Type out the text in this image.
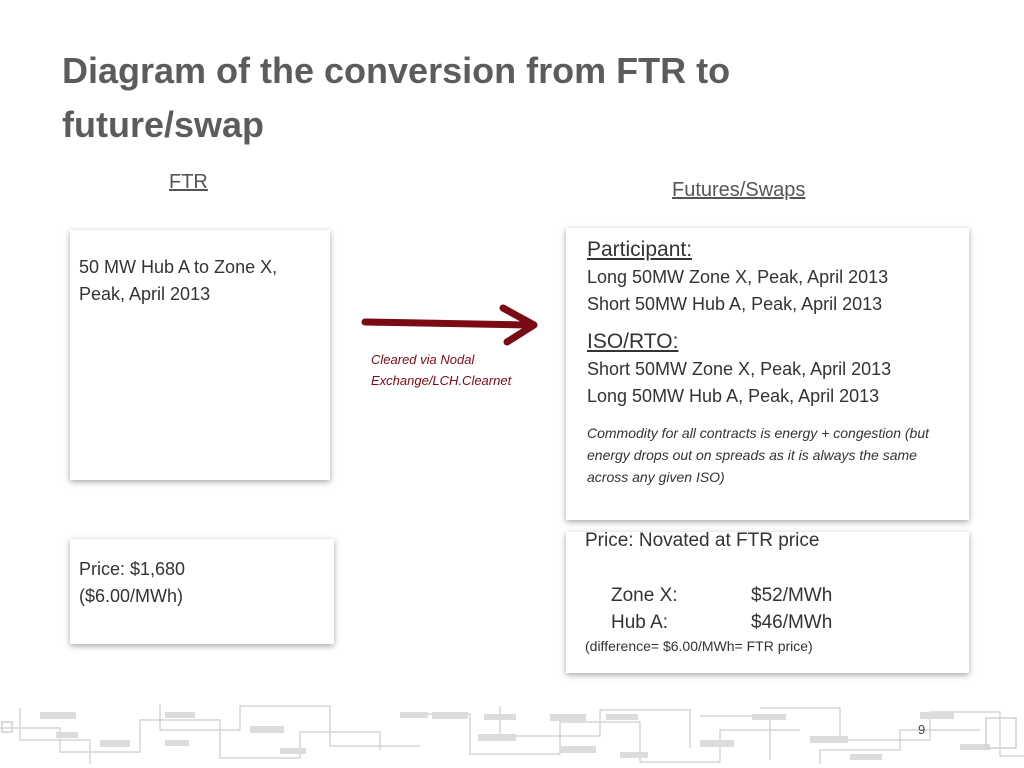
Diagram of the conversion from FTR to
future/swap
FTR	Futures/Swaps
50 MW Hub A to Zone X,
Peak, April 2013
Price: $1,680
($6.00/MWh)
Cleared via Nodal
Exchange/LCH.Clearnet
Participant:
Long 50MW Zone X, Peak, April 2013
Short 50MW Hub A, Peak, April 2013
ISO/RTO:
Short 50MW Zone X, Peak, April 2013
Long 50MW Hub A, Peak, April 2013
Commodity for all contracts is energy + congestion (but energy drops out on spreads as it is always the same across any given ISO)
Price: Novated at FTR price
Zone X:	$52/MWh
Hub A:	$46/MWh
(difference= $6.00/MWh= FTR price)
9
